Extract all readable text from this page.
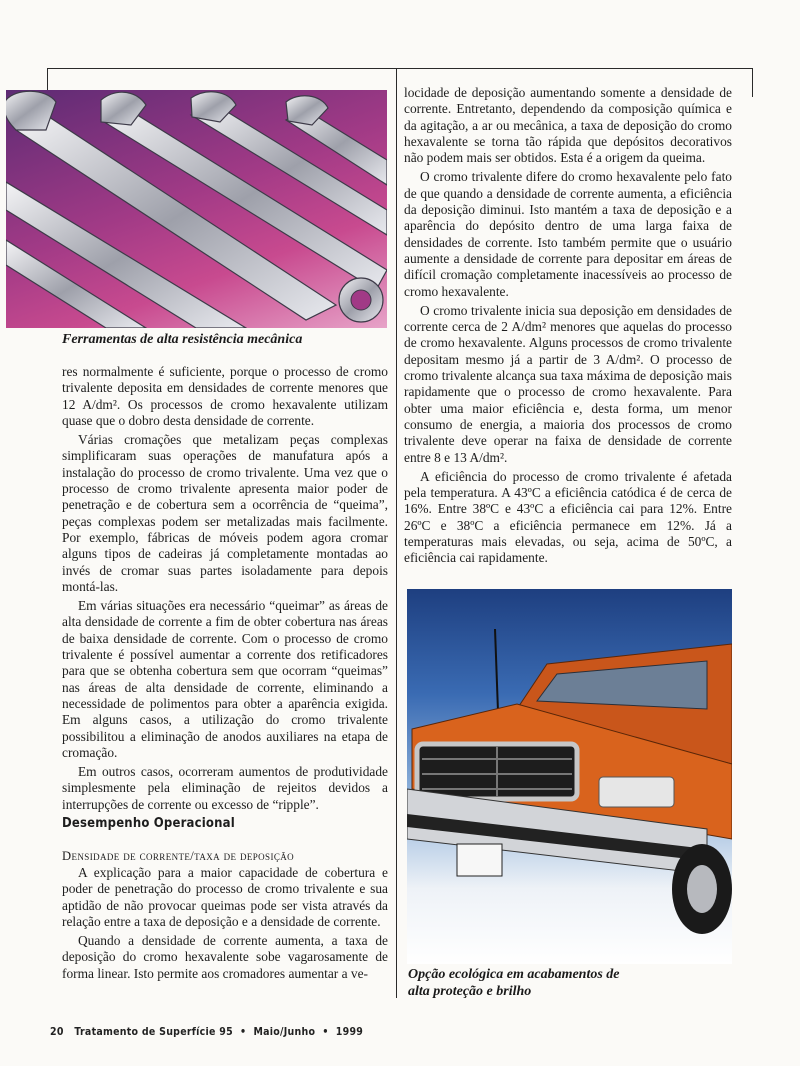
Ferramentas de alta resistência mecânica

res normalmente é suficiente, porque o processo de cromo trivalente deposita em densidades de corrente menores que 12 A/dm². Os processos de cromo hexavalente utilizam quase que o dobro desta densidade de corrente.

Várias cromações que metalizam peças complexas simplificaram suas operações de manufatura após a instalação do processo de cromo trivalente. Uma vez que o processo de cromo trivalente apresenta maior poder de penetração e de cobertura sem a ocorrência de “queima”, peças complexas podem ser metalizadas mais facilmente. Por exemplo, fábricas de móveis podem agora cromar alguns tipos de cadeiras já completamente montadas ao invés de cromar suas partes isoladamente para depois montá-las.

Em várias situações era necessário “queimar” as áreas de alta densidade de corrente a fim de obter cobertura nas áreas de baixa densidade de corrente. Com o processo de cromo trivalente é possível aumentar a corrente dos retificadores para que se obtenha cobertura sem que ocorram “queimas” nas áreas de alta densidade de corrente, eliminando a necessidade de polimentos para obter a aparência exigida. Em alguns casos, a utilização do cromo trivalente possibilitou a eliminação de anodos auxiliares na etapa de cromação.

Em outros casos, ocorreram aumentos de produtividade simplesmente pela eliminação de rejeitos devidos a interrupções de corrente ou excesso de “ripple”.

Desempenho Operacional
Densidade de corrente/taxa de deposição

A explicação para a maior capacidade de cobertura e poder de penetração do processo de cromo trivalente e sua aptidão de não provocar queimas pode ser vista através da relação entre a taxa de deposição e a densidade de corrente.

Quando a densidade de corrente aumenta, a taxa de deposição do cromo hexavalente sobe vagarosamente de forma linear. Isto permite aos cromadores aumentar a ve-

locidade de deposição aumentando somente a densidade de corrente. Entretanto, dependendo da composição química e da agitação, a ar ou mecânica, a taxa de deposição do cromo hexavalente se torna tão rápida que depósitos decorativos não podem mais ser obtidos. Esta é a origem da queima.

O cromo trivalente difere do cromo hexavalente pelo fato de que quando a densidade de corrente aumenta, a eficiência da deposição diminui. Isto mantém a taxa de deposição e a aparência do depósito dentro de uma larga faixa de densidades de corrente. Isto também permite que o usuário aumente a densidade de corrente para depositar em áreas de difícil cromação completamente inacessíveis ao processo de cromo hexavalente.

O cromo trivalente inicia sua deposição em densidades de corrente cerca de 2 A/dm² menores que aquelas do processo de cromo hexavalente. Alguns processos de cromo trivalente depositam mesmo já a partir de 3 A/dm². O processo de cromo trivalente alcança sua taxa máxima de deposição mais rapidamente que o processo de cromo hexavalente. Para obter uma maior eficiência e, desta forma, um menor consumo de energia, a maioria dos processos de cromo trivalente deve operar na faixa de densidade de corrente entre 8 e 13 A/dm².

A eficiência do processo de cromo trivalente é afetada pela temperatura. A 43ºC a eficiência catódica é de cerca de 16%. Entre 38ºC e 43ºC a eficiência cai para 12%. Entre 26ºC e 38ºC a eficiência permanece em 12%. Já a temperaturas mais elevadas, ou seja, acima de 50ºC, a eficiência cai rapidamente.

Opção ecológica em acabamentos de
alta proteção e brilho

20   Tratamento de Superfície 95  •  Maio/Junho  •  1999
